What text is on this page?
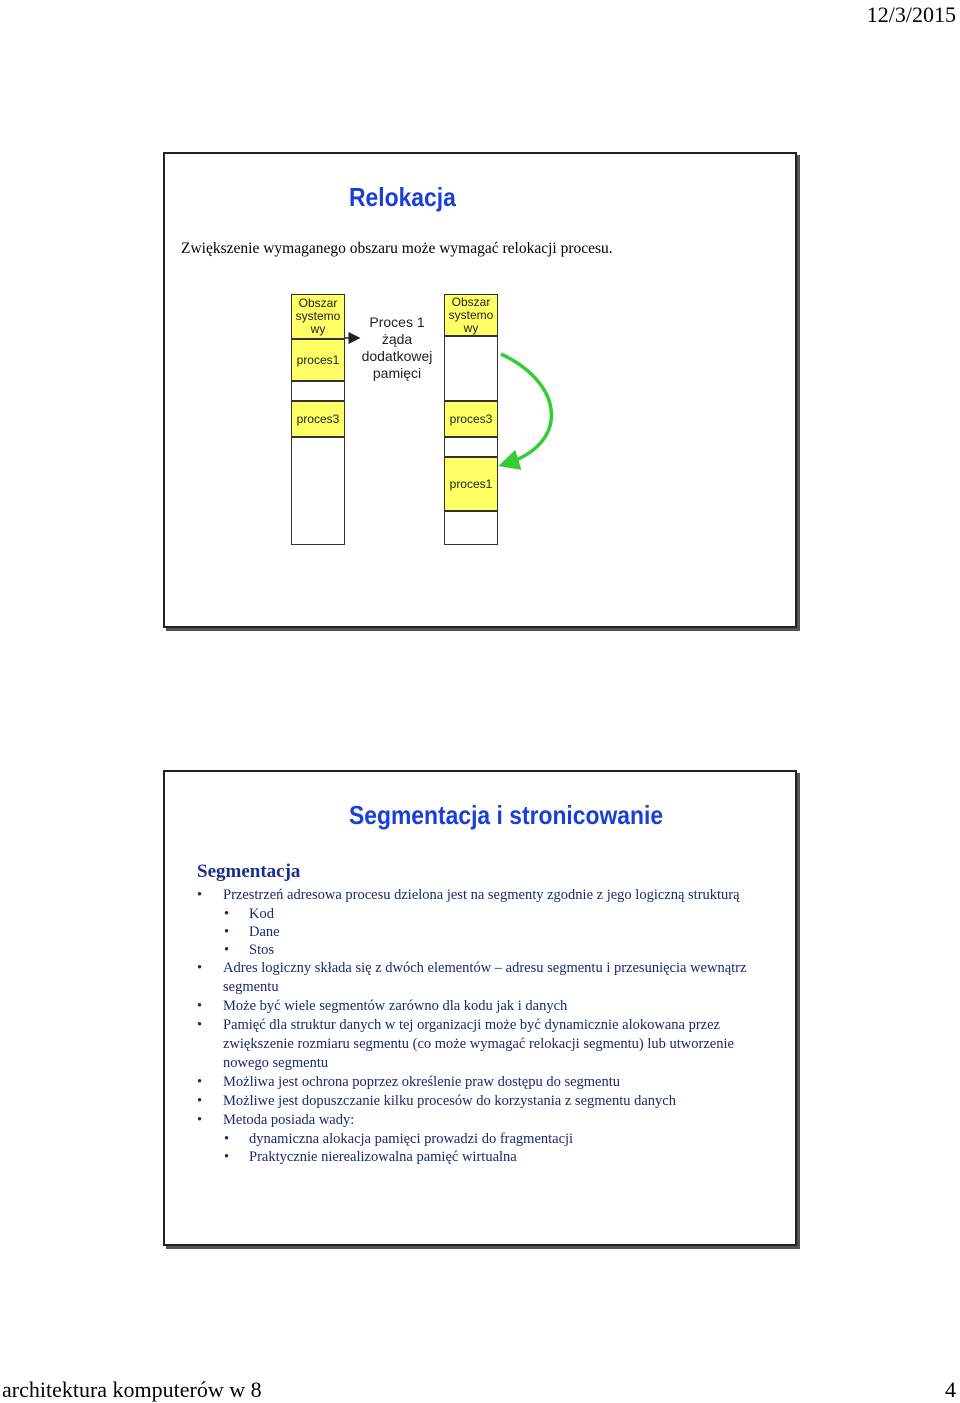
12/3/2015
Relokacja
Zwiększenie wymaganego obszaru może wymagać relokacji procesu.
Obszar systemo wy
proces1
proces3
Proces 1
żąda
dodatkowej
pamięci
Obszar systemo wy
proces3
proces1
Segmentacja i stronicowanie
Segmentacja
• Przestrzeń adresowa procesu dzielona jest na segmenty zgodnie z jego logiczną strukturą
• Kod
• Dane
• Stos
• Adres logiczny składa się z dwóch elementów – adresu segmentu i przesunięcia wewnątrz segmentu
• Może być wiele segmentów zarówno dla kodu jak i danych
• Pamięć dla struktur danych w tej organizacji może być dynamicznie alokowana przez zwiększenie rozmiaru segmentu (co może wymagać relokacji segmentu) lub utworzenie nowego segmentu
• Możliwa jest ochrona poprzez określenie praw dostępu do segmentu
• Możliwe jest dopuszczanie kilku procesów do korzystania z segmentu danych
• Metoda posiada wady:
• dynamiczna alokacja pamięci prowadzi do fragmentacji
• Praktycznie nierealizowalna pamięć wirtualna
architektura komputerów w 8	4
